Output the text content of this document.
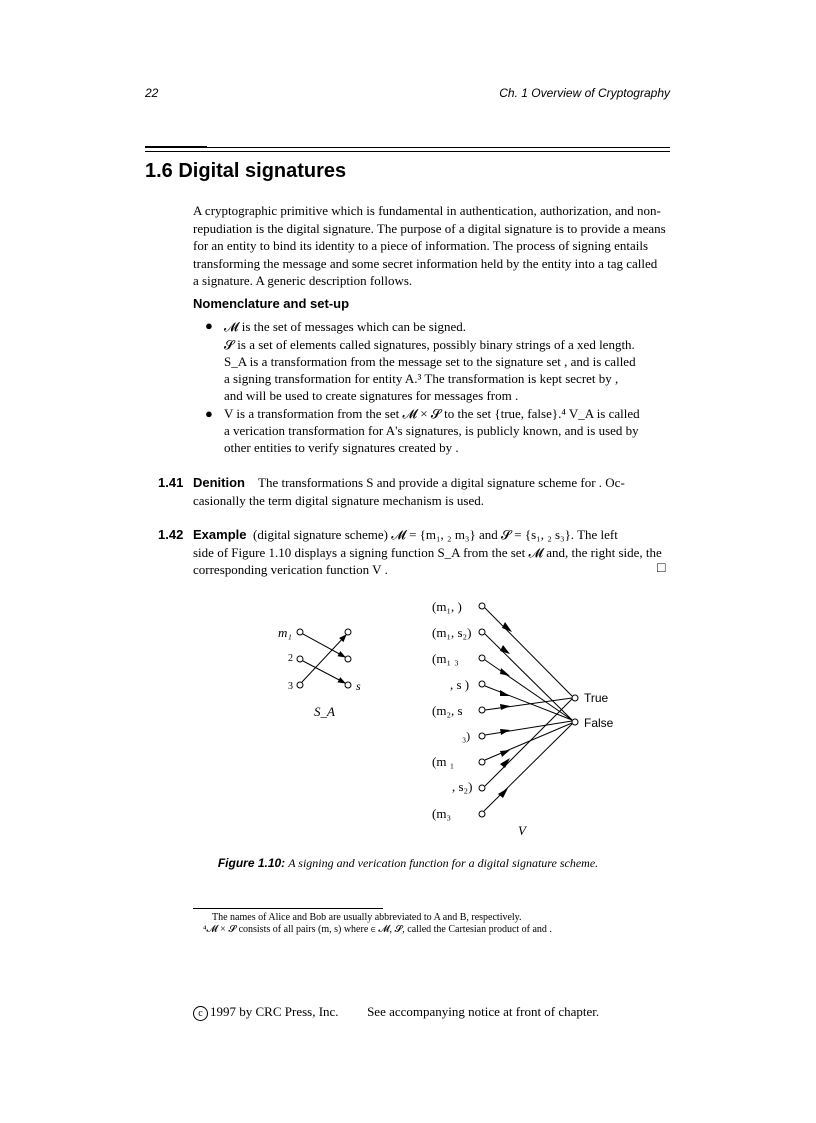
22	Ch. 1 Overview of Cryptography
1.6 Digital signatures
A cryptographic primitive which is fundamental in authentication, authorization, and non-
repudiation is the digital signature. The purpose of a digital signature is to provide a means
for an entity to bind its identity to a piece of information. The process of signing entails
transforming the message and some secret information held by the entity into a tag called
a signature. A generic description follows.
Nomenclature and set-up
●
●
𝓜 is the set of messages which can be signed.
𝓢 is a set of elements called signatures, possibly binary strings of a xed length.
S_A is a transformation from the message set to the signature set , and is called
a signing transformation for entity A.³ The transformation is kept secret by ,
and will be used to create signatures for messages from .
V is a transformation from the set 𝓜 × 𝓢 to the set {true, false}.⁴ V_A is called
a verication transformation for A's signatures, is publicly known, and is used by
other entities to verify signatures created by .
1.41 Denition The transformations S and provide a digital signature scheme for . Oc-
casionally the term digital signature mechanism is used.
1.42 Example (digital signature scheme) 𝓜 = {m₁, ₂ m₃} and 𝓢 = {s₁, ₂ s₃}. The left
side of Figure 1.10 displays a signing function S_A from the set 𝓜 and, the right side, the
corresponding verication function V .	□
m₁
2
3	s
S_A
(m₁, )
(m₁, s₂)
(m₁ ₃
, s )
(m₂, s
₃)
(m ₁
, s₂)
(m₃
True
False
V
Figure 1.10: A signing and verication function for a digital signature scheme.
The names of Alice and Bob are usually abbreviated to A and B, respectively.
⁴𝓜 × 𝓢 consists of all pairs (m, s) where ∈ 𝓜, 𝓢, called the Cartesian product of and .
c 1997 by CRC Press, Inc. See accompanying notice at front of chapter.
